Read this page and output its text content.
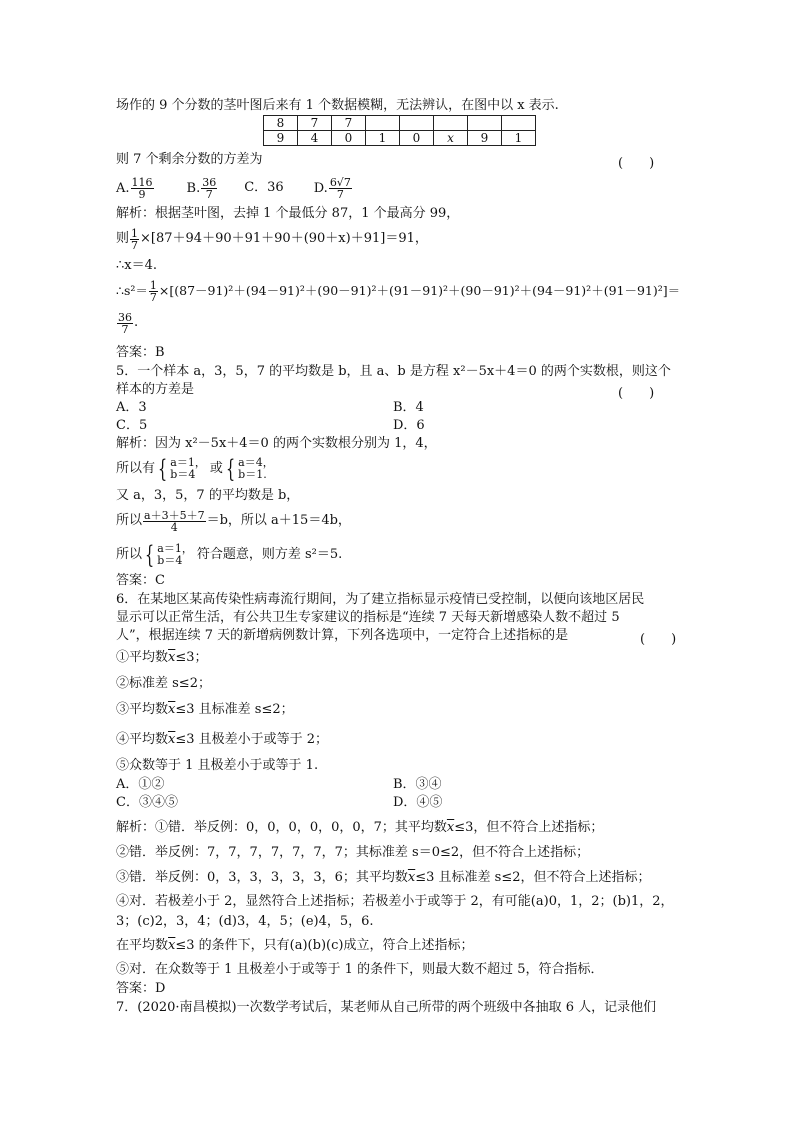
场作的 9 个分数的茎叶图后来有 1 个数据模糊，无法辨认，在图中以 x 表示.
8	7	7					
9	4	0	1	0	x	9	1
则 7 个剩余分数的方差为	(　　)
A. $\frac{116}{9}$	B. $\frac{36}{7}$ C．36 D. $\frac{6√7}{7}$
解析：根据茎叶图，去掉 1 个最低分 87，1 个最高分 99，
则 $\frac{1}{7} \times[87+94+90+91+90+(90+x)+91]=91$，
∴x＝4.
∴s²＝ $\frac{1}{7} \times[(87-91)^2+(94-91)^2+(90-91)^2+(91-91)^2+(90-91)^2+(94-91)^2+(91-91)^2]=$
$\frac{36}{7}$ .
答案：B
5．一个样本 a，3，5，7 的平均数是 b，且 a、b 是方程 x²－5x＋4＝0 的两个实数根，则这个
样本的方差是	(　　)
A．3	B．4
C．5	D．6
解析：因为 x²－5x＋4＝0 的两个实数根分别为 1，4，
所以有 { a＝1，
b＝4	或 { a＝4，
b＝1.
又 a，3，5，7 的平均数是 b，
所以 $\frac{a+3+5+7}{4} =b$，所以 a＋15＝4b，
所以 { a＝1，
b＝4	符合题意，则方差 s²＝5.
答案：C
6．在某地区某高传染性病毒流行期间，为了建立指标显示疫情已受控制，以便向该地区居民
显示可以正常生活，有公共卫生专家建议的指标是“连续 7 天每天新增感染人数不超过 5
人”，根据连续 7 天的新增病例数计算，下列各选项中，一定符合上述指标的是	(　　)
①平均数$\overline{x}\le 3$；
②标准差 s≤2；
③平均数$\overline{x}\le 3$ 且标准差 s≤2；
④平均数$\overline{x}\le 3$ 且极差小于或等于 2；
⑤众数等于 1 且极差小于或等于 1.
A．①②	B．③④
C．③④⑤	D．④⑤
解析：①错．举反例：0，0，0，0，0，0，7；其平均数$\overline{x}\le 3$，但不符合上述指标；
②错．举反例：7，7，7，7，7，7，7；其标准差 s＝0≤2，但不符合上述指标；
③错．举反例：0，3，3，3，3，3，6；其平均数$\overline{x}\le 3$ 且标准差 s≤2，但不符合上述指标；
④对．若极差小于 2，显然符合上述指标；若极差小于或等于 2，有可能(a)0，1，2；(b)1，2，
3；(c)2，3，4；(d)3，4，5；(e)4，5，6.
在平均数$\overline{x}\le 3$ 的条件下，只有(a)(b)(c)成立，符合上述指标；
⑤对．在众数等于 1 且极差小于或等于 1 的条件下，则最大数不超过 5，符合指标．
答案：D
7．(2020·南昌模拟)一次数学考试后，某老师从自己所带的两个班级中各抽取 6 人，记录他们
